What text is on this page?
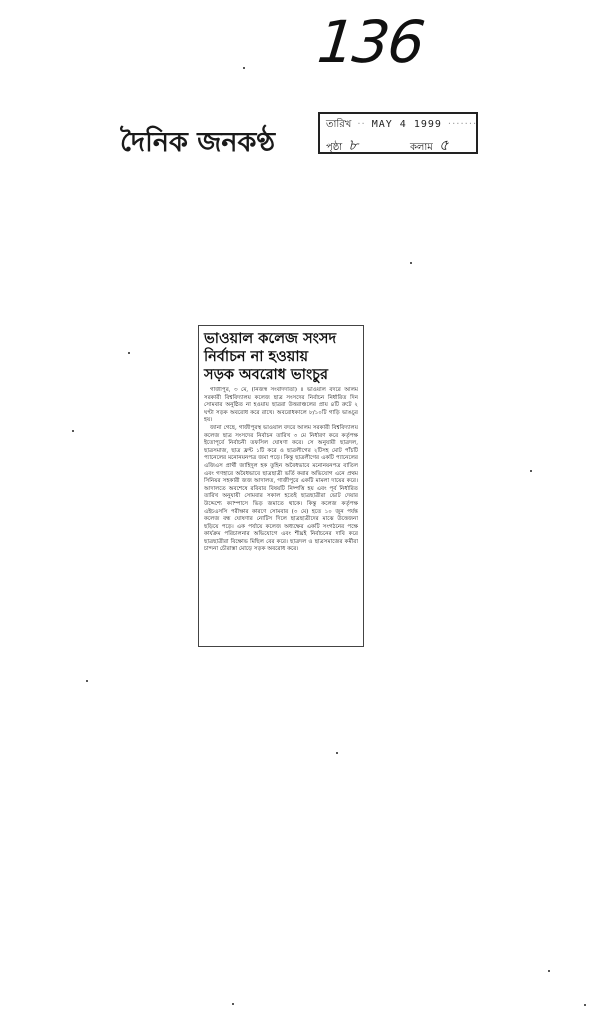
136
দৈনিক জনকণ্ঠ
তারিখ ·· MAY 4 1999 ·······
পৃষ্ঠা ৮	কলাম ৫
ভাওয়াল কলেজ সংসদ
নির্বাচন না হওয়ায়
সড়ক অবরোধ ভাংচুর

গাজীপুর, ৩ মে, (নিজস্ব সংবাদদাতা) ॥ ভাওয়াল বদরে আলম সরকারী বিশ্ববিদ্যালয় কলেজ ছাত্র সংসদের নির্বাচন নির্ধারিত দিন সোমবার অনুষ্ঠিত না হওয়ায় ছাত্ররা উত্তরাঞ্চলের প্রায় ৪টি রুটে ২ ঘণ্টা সড়ক অবরোধ করে রাখে। অবরোধকালে ৮/১০টি গাড়ি ভাঙচুর হয়।

জানা গেছে, গাজীপুরস্থ ভাওয়াল বদরে আলম সরকারী বিশ্ববিদ্যালয় কলেজ ছাত্র সংসদের নির্বাচন তারিখ ৩ মে নির্ধারণ করে কর্তৃপক্ষ ইতোপূর্বে নির্বাচনী তফসিল ঘোষণা করে। সে অনুযায়ী ছাত্রদল, ছাত্রসমাজ, ছাত্র ফ্রন্ট ১টি করে ও ছাত্রলীগের ২টিসহ মোট পাঁচটি প্যানেলের মনোনয়নপত্র জমা পড়ে। কিন্তু ছাত্রলীগের একটি প্যানেলের এজিএস প্রার্থী জাহিদুল হক তুহিন অবৈধভাবে মনোনয়নপত্র বাতিল এবং গণহারে অবৈধভাবে ছাত্রছাত্রী ভর্তি করার অভিযোগ এনে প্রথম সিনিয়র সহকারী জজ আদালত, গাজীপুরে একটি মামলা দায়ের করে। আদালতে অবশেষে রবিবার বিষয়টি নিষ্পত্তি হয় এবং পূর্ব নির্ধারিত তারিখ অনুযায়ী সোমবার সকাল হতেই ছাত্রছাত্রীরা ভোট দেয়ার উদ্দেশ্যে ক্যাম্পাসে ভিড় জমাতে থাকে। কিন্তু কলেজ কর্তৃপক্ষ এইচএসসি পরীক্ষার কারণে সোমবার (৩ মে) হতে ১০ জুন পর্যন্ত কলেজ বন্ধ ঘোষণার নোটিস দিলে ছাত্রছাত্রীদের মাঝে উত্তেজনা ছড়িয়ে পড়ে। এক পর্যায়ে কলেজ অধ্যক্ষের একটি সংগঠনের পক্ষে কার্যক্রম পরিচালনার অভিযোগে এবং শীঘ্রই নির্বাচনের দাবি করে ছাত্রছাত্রীরা বিক্ষোভ মিছিল বের করে। ছাত্রদল ও ছাত্রসমাজের কর্মীরা চান্দনা চৌরাস্তা মোড়ে সড়ক অবরোধ করে।
